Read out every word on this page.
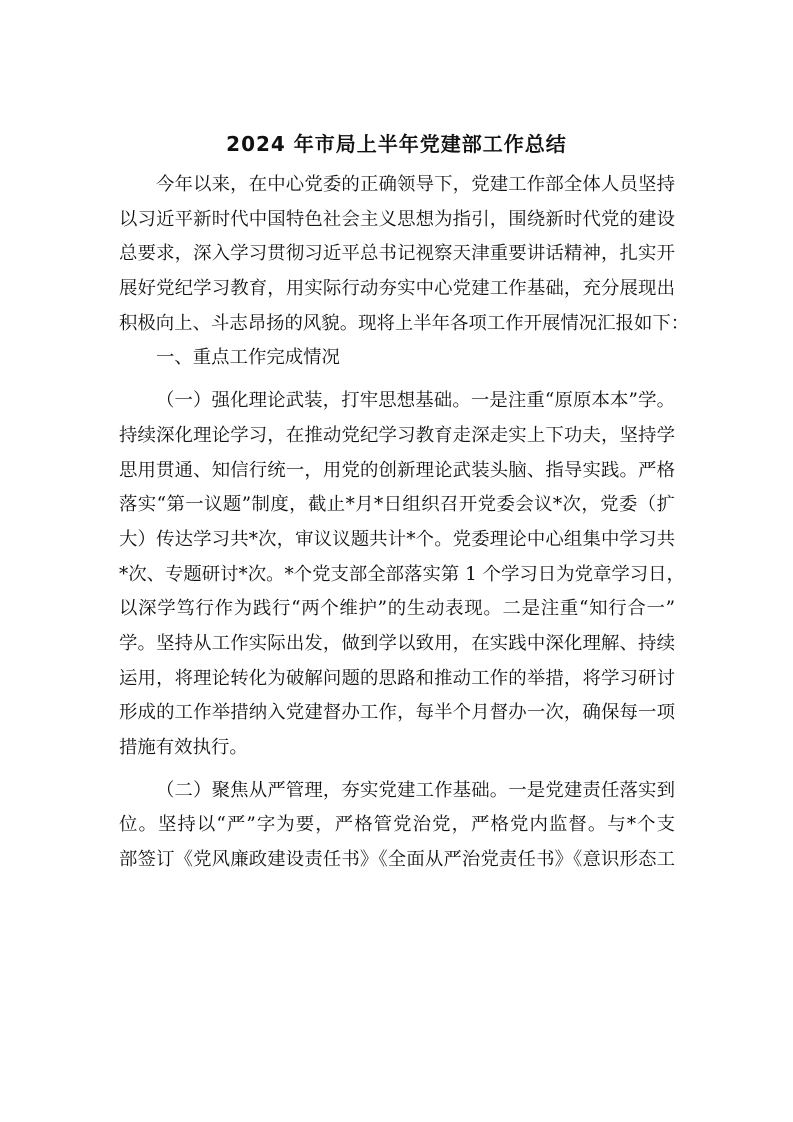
2024 年市局上半年党建部工作总结
今年以来，在中心党委的正确领导下，党建工作部全体人员坚持
以习近平新时代中国特色社会主义思想为指引，围绕新时代党的建设
总要求，深入学习贯彻习近平总书记视察天津重要讲话精神，扎实开
展好党纪学习教育，用实际行动夯实中心党建工作基础，充分展现出
积极向上、斗志昂扬的风貌。现将上半年各项工作开展情况汇报如下：
一、重点工作完成情况
（一）强化理论武装，打牢思想基础。一是注重“原原本本”学。
持续深化理论学习，在推动党纪学习教育走深走实上下功夫，坚持学
思用贯通、知信行统一，用党的创新理论武装头脑、指导实践。严格
落实“第一议题”制度，截止*月*日组织召开党委会议*次，党委（扩
大）传达学习共*次，审议议题共计*个。党委理论中心组集中学习共
*次、专题研讨*次。*个党支部全部落实第 1 个学习日为党章学习日，
以深学笃行作为践行“两个维护”的生动表现。二是注重“知行合一”
学。坚持从工作实际出发，做到学以致用，在实践中深化理解、持续
运用，将理论转化为破解问题的思路和推动工作的举措，将学习研讨
形成的工作举措纳入党建督办工作，每半个月督办一次，确保每一项
措施有效执行。
（二）聚焦从严管理，夯实党建工作基础。一是党建责任落实到
位。坚持以“严”字为要，严格管党治党，严格党内监督。与*个支
部签订《党风廉政建设责任书》《全面从严治党责任书》《意识形态工
